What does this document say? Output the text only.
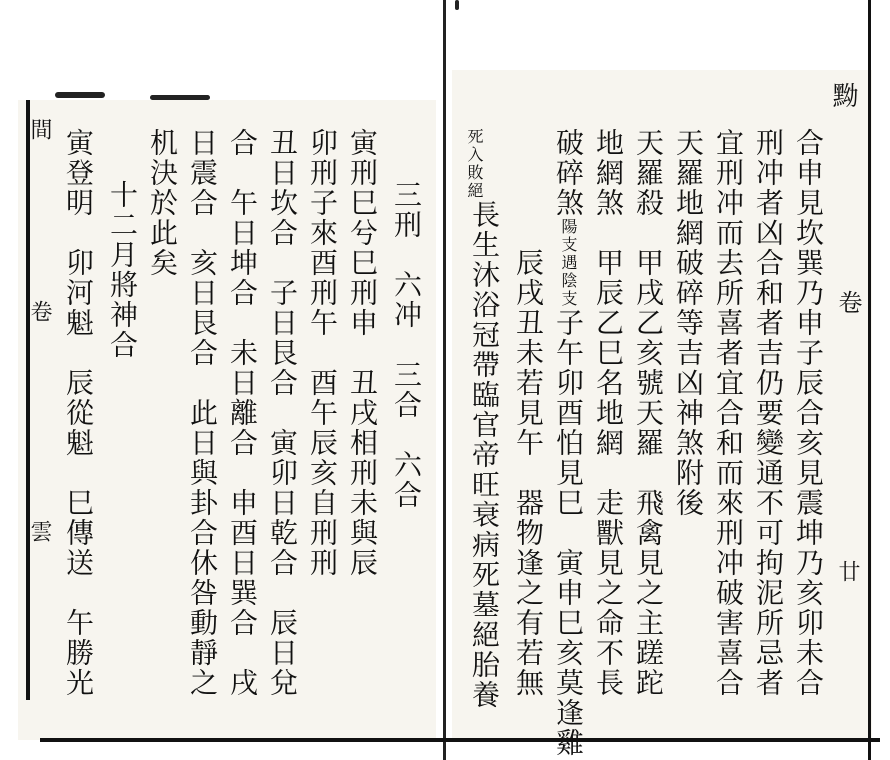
黝
卷
廿
合申見坎巽乃申子辰合亥見震坤乃亥卯未合
刑冲者凶合和者吉仍要變通不可拘泥所忌者
宜刑冲而去所喜者宜合和而來刑冲破害喜合
天羅地網破碎等吉凶神煞附後
天羅殺　甲戌乙亥號天羅　飛禽見之主蹉跎
地網煞　甲辰乙巳名地網　走獸見之命不長
破碎煞陽支遇陰支子午卯酉怕見巳　寅申巳亥莫逢雞
辰戌丑未若見午　器物逢之有若無
死入敗絕
長生沐浴冠帶臨官帝旺衰病死墓絕胎養
間
卷
雲
三刑　六冲　三合　六合
寅刑巳兮巳刑申　丑戌相刑未與辰
卯刑子來酉刑午　酉午辰亥自刑刑
丑日坎合　子日艮合　寅卯日乾合　辰日兌
合　午日坤合　未日離合　申酉日巽合　戌
日震合　亥日艮合　此日與卦合休咎動靜之
机決於此矣
十二月將神合
寅登明　卯河魁　辰從魁　巳傳送　午勝光
